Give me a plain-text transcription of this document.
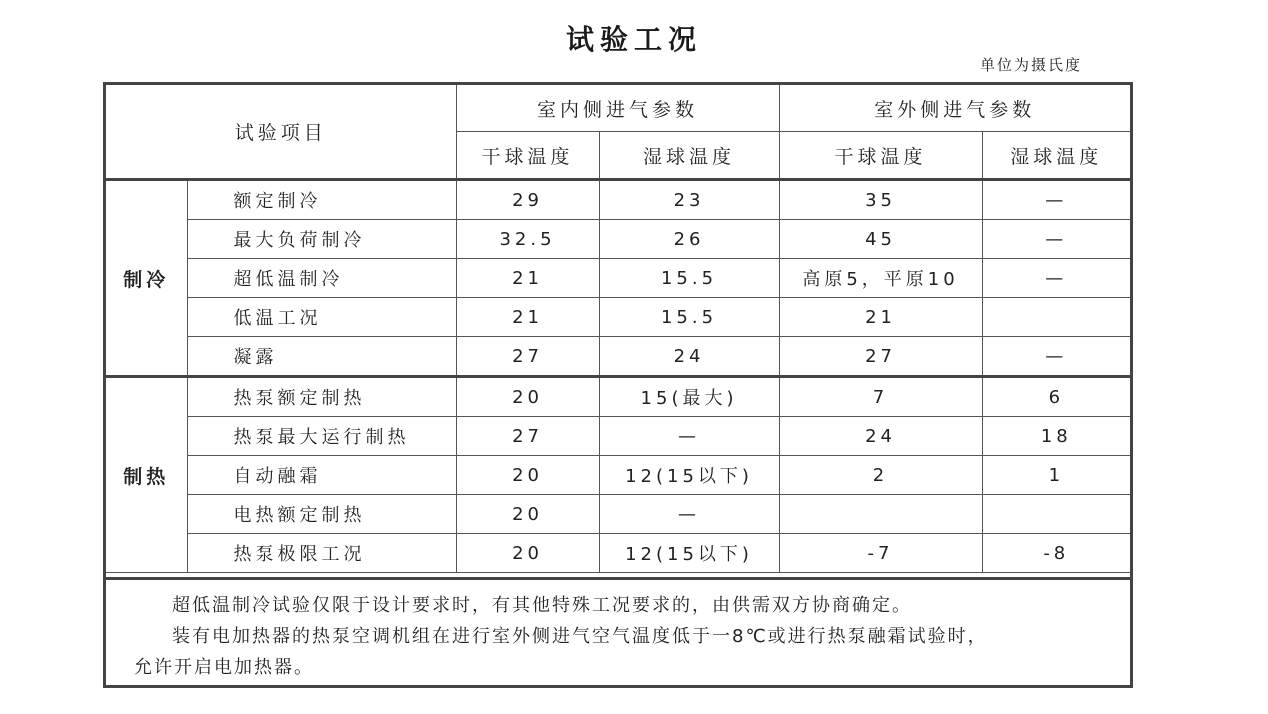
试验工况
单位为摄氏度
试验项目		室内侧进气参数		室外侧进气参数	
		干球温度	湿球温度	干球温度	湿球温度
制冷	额定制冷	29	23	35	—
	最大负荷制冷	32.5	26	45	—
	超低温制冷	21	15.5	高原5，平原10	—
	低温工况	21	15.5	21	
	凝露	27	24	27	—
制热	热泵额定制热	20	15(最大)	7	6
	热泵最大运行制热	27	—	24	18
	自动融霜	20	12(15以下)	2	1
	电热额定制热	20	—		
	热泵极限工况	20	12(15以下)	-7	-8

超低温制冷试验仅限于设计要求时，有其他特殊工况要求的，由供需双方协商确定。

装有电加热器的热泵空调机组在进行室外侧进气空气温度低于一8℃或进行热泵融霜试验时，

允许开启电加热器。
